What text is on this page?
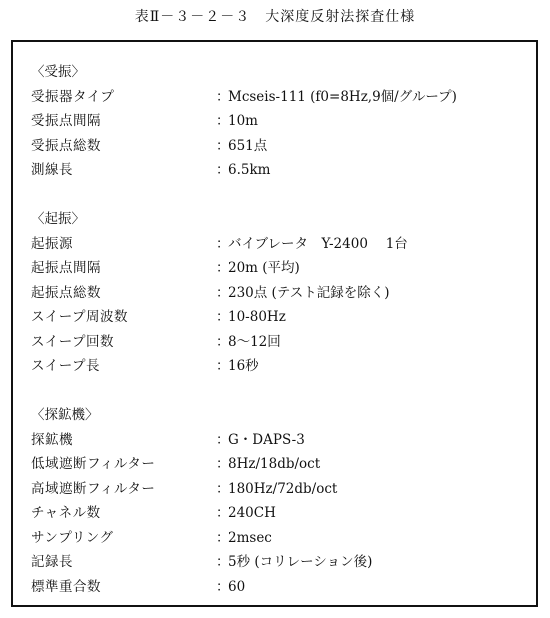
表Ⅱ－３－２－３　大深度反射法探査仕様
〈受振〉
受振器タイプ	：
Mcseis-111 (f0=8Hz,9個/グループ)
受振点間隔	：
10m
受振点総数	：
651点
測線長	：
6.5km
〈起振〉
起振源	：
バイブレータ　Y-2400　 1台
起振点間隔	：
20m (平均)
起振点総数	：
230点 (テスト記録を除く)
スイープ周波数	：
10-80Hz
スイープ回数	：
8～12回
スイープ長	：
16秒
〈探鉱機〉
探鉱機	：
G・DAPS-3
低域遮断フィルター	：
8Hz/18db/oct
高域遮断フィルター	：
180Hz/72db/oct
チャネル数	：
240CH
サンプリング	：
2msec
記録長	：
5秒 (コリレーション後)
標準重合数	：
60
